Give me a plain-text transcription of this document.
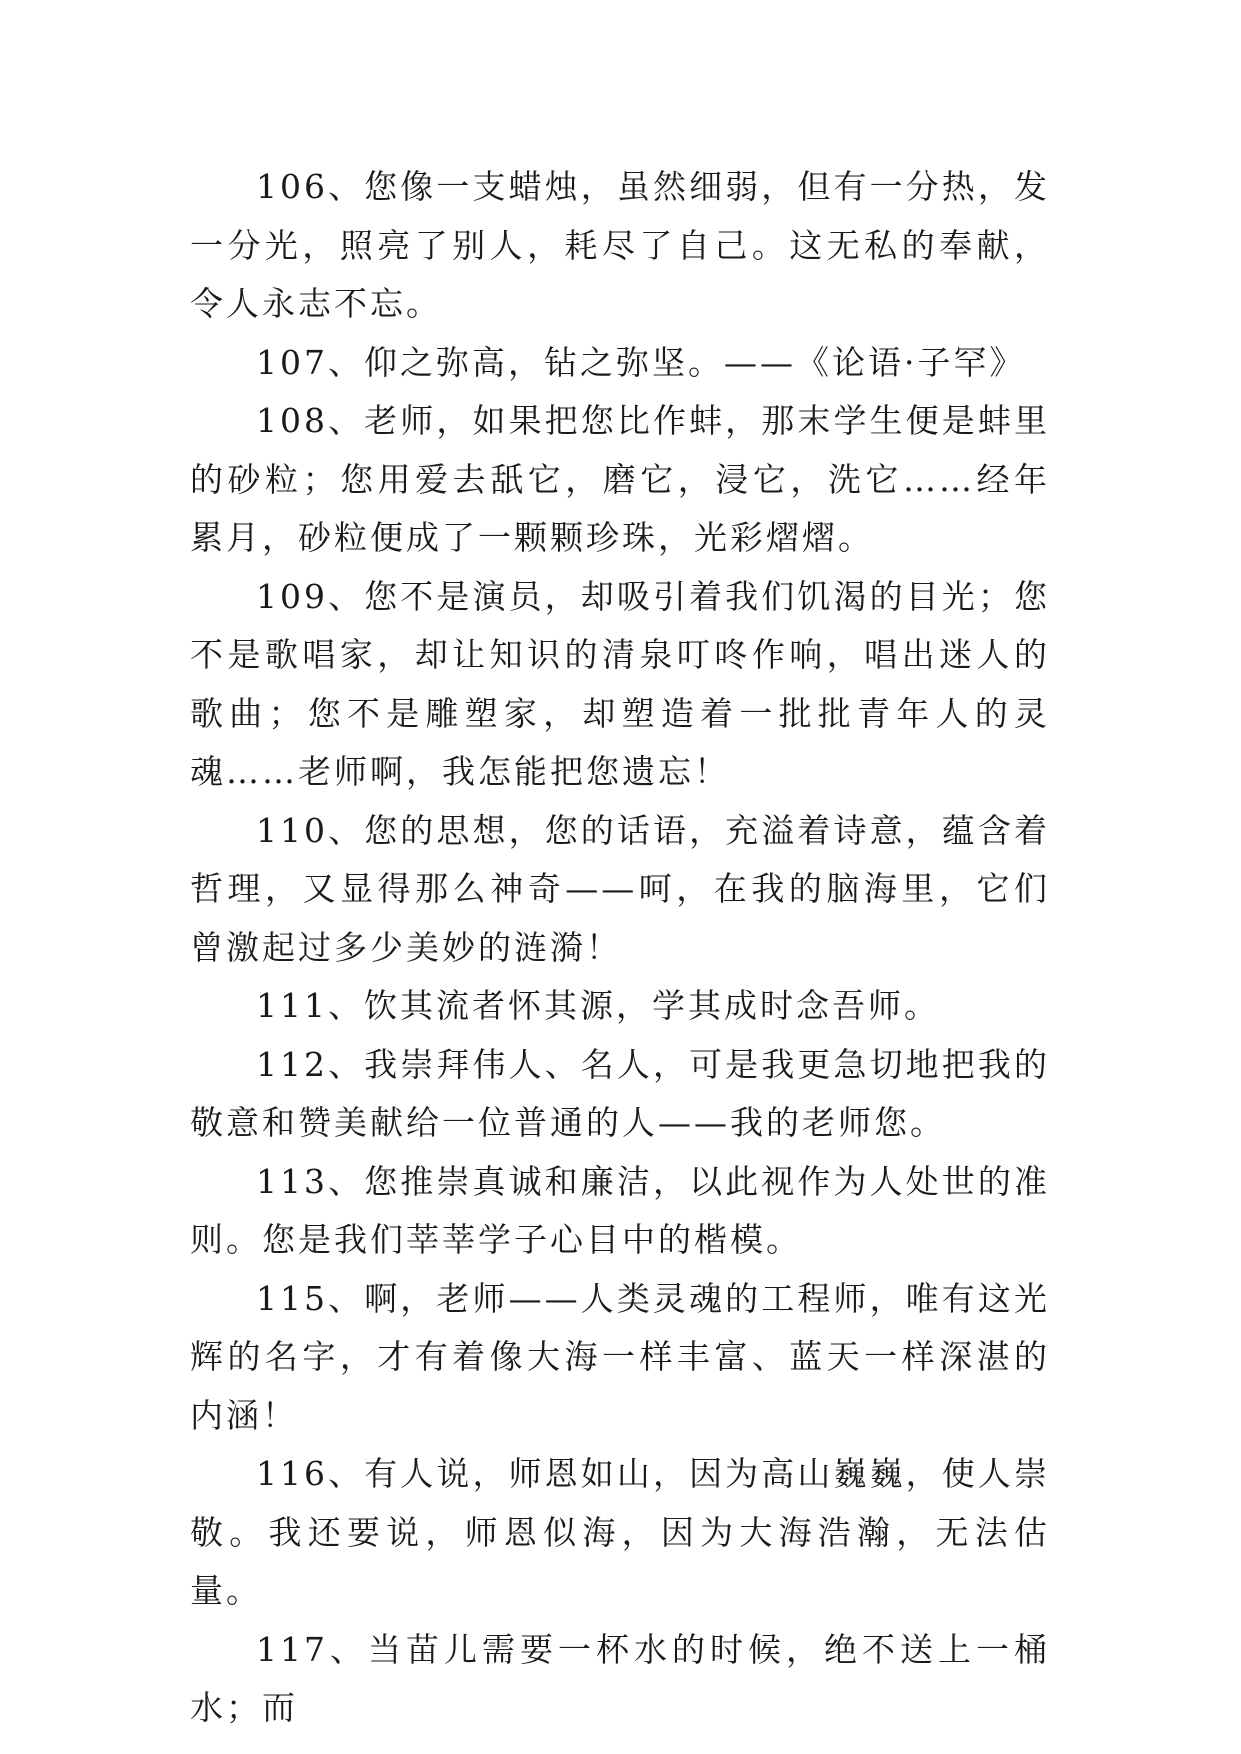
106、您像一支蜡烛，虽然细弱，但有一分热，发一分光，照亮了别人，耗尽了自己。这无私的奉献，令人永志不忘。

107、仰之弥高，钻之弥坚。——《论语·子罕》

108、老师，如果把您比作蚌，那末学生便是蚌里的砂粒；您用爱去舐它，磨它，浸它，洗它……经年累月，砂粒便成了一颗颗珍珠，光彩熠熠。

109、您不是演员，却吸引着我们饥渴的目光；您不是歌唱家，却让知识的清泉叮咚作响，唱出迷人的歌曲；您不是雕塑家，却塑造着一批批青年人的灵魂……老师啊，我怎能把您遗忘！

110、您的思想，您的话语，充溢着诗意，蕴含着哲理，又显得那么神奇——呵，在我的脑海里，它们曾激起过多少美妙的涟漪！

111、饮其流者怀其源，学其成时念吾师。

112、我崇拜伟人、名人，可是我更急切地把我的敬意和赞美献给一位普通的人——我的老师您。

113、您推崇真诚和廉洁，以此视作为人处世的准则。您是我们莘莘学子心目中的楷模。

115、啊，老师——人类灵魂的工程师，唯有这光辉的名字，才有着像大海一样丰富、蓝天一样深湛的内涵！

116、有人说，师恩如山，因为高山巍巍，使人崇敬。我还要说，师恩似海，因为大海浩瀚，无法估量。

117、当苗儿需要一杯水的时候，绝不送上一桶水；而
